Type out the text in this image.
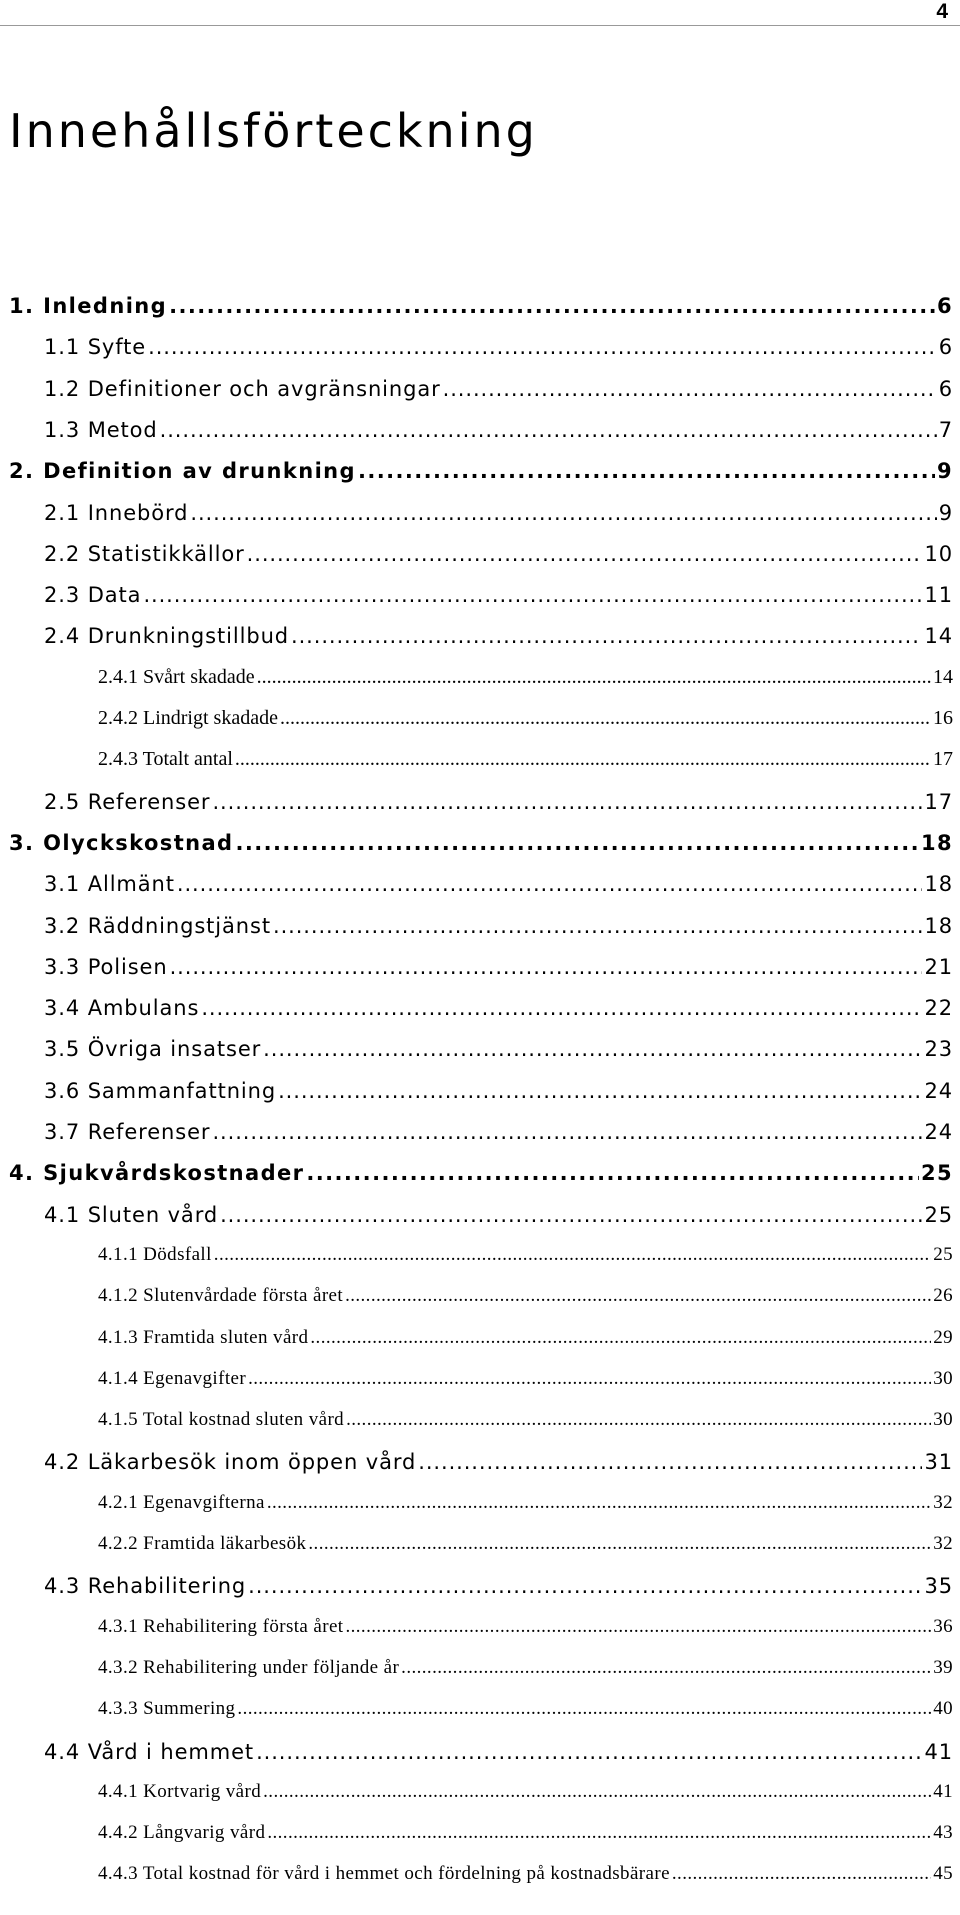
4
Innehållsförteckning
1. Inledning .....	6
1.1 Syfte .....	6
1.2 Definitioner och avgränsningar .....	6
1.3 Metod .....	7
2. Definition av drunkning .....	9
2.1 Innebörd .....	9
2.2 Statistikkällor .....	10
2.3 Data .....	11
2.4 Drunkningstillbud .....	14
2.4.1 Svårt skadade .....	14
2.4.2 Lindrigt skadade .....	16
2.4.3 Totalt antal .....	17
2.5 Referenser .....	17
3. Olyckskostnad .....	18
3.1 Allmänt .....	18
3.2 Räddningstjänst .....	18
3.3 Polisen .....	21
3.4 Ambulans .....	22
3.5 Övriga insatser .....	23
3.6 Sammanfattning .....	24
3.7 Referenser .....	24
4. Sjukvårdskostnader .....	25
4.1 Sluten vård .....	25
4.1.1 Dödsfall .....	25
4.1.2 Slutenvårdade första året .....	26
4.1.3 Framtida sluten vård .....	29
4.1.4 Egenavgifter .....	30
4.1.5 Total kostnad sluten vård .....	30
4.2 Läkarbesök inom öppen vård .....	31
4.2.1 Egenavgifterna .....	32
4.2.2 Framtida läkarbesök .....	32
4.3 Rehabilitering .....	35
4.3.1 Rehabilitering första året .....	36
4.3.2 Rehabilitering under följande år .....	39
4.3.3 Summering .....	40
4.4 Vård i hemmet .....	41
4.4.1 Kortvarig vård .....	41
4.4.2 Långvarig vård .....	43
4.4.3 Total kostnad för vård i hemmet och fördelning på kostnadsbärare .....	45
